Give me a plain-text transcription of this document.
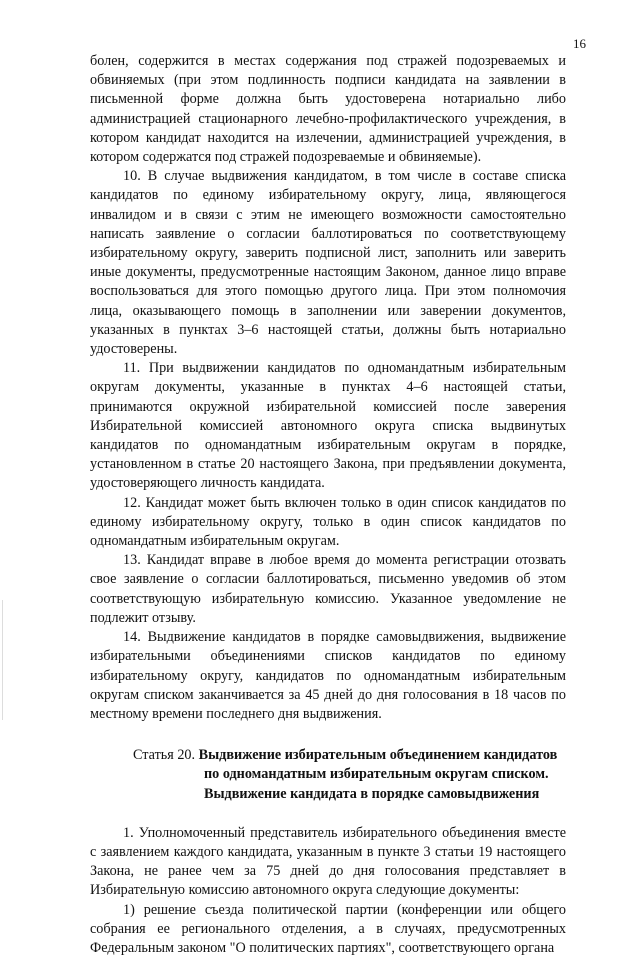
16

болен, содержится в местах содержания под стражей подозреваемых и обвиняемых (при этом подлинность подписи кандидата на заявлении в письменной форме должна быть удостоверена нотариально либо администрацией стационарного лечебно-профилактического учреждения, в котором кандидат находится на излечении, администрацией учреждения, в котором содержатся под стражей подозреваемые и обвиняемые).

10. В случае выдвижения кандидатом, в том числе в составе списка кандидатов по единому избирательному округу, лица, являющегося инвалидом и в связи с этим не имеющего возможности самостоятельно написать заявление о согласии баллотироваться по соответствующему избирательному округу, заверить подписной лист, заполнить или заверить иные документы, предусмотренные настоящим Законом, данное лицо вправе воспользоваться для этого помощью другого лица. При этом полномочия лица, оказывающего помощь в заполнении или заверении документов, указанных в пунктах 3–6 настоящей статьи, должны быть нотариально удостоверены.

11. При выдвижении кандидатов по одномандатным избирательным округам документы, указанные в пунктах 4–6 настоящей статьи, принимаются окружной избирательной комиссией после заверения Избирательной комиссией автономного округа списка выдвинутых кандидатов по одномандатным избирательным округам в порядке, установленном в статье 20 настоящего Закона, при предъявлении документа, удостоверяющего личность кандидата.

12. Кандидат может быть включен только в один список кандидатов по единому избирательному округу, только в один список кандидатов по одномандатным избирательным округам.

13. Кандидат вправе в любое время до момента регистрации отозвать свое заявление о согласии баллотироваться, письменно уведомив об этом соответствующую избирательную комиссию. Указанное уведомление не подлежит отзыву.

14. Выдвижение кандидатов в порядке самовыдвижения, выдвижение избирательными объединениями списков кандидатов по единому избирательному округу, кандидатов по одномандатным избирательным округам списком заканчивается за 45 дней до дня голосования в 18 часов по местному времени последнего дня выдвижения.

Статья 20. Выдвижение избирательным объединением кандидатов
по одномандатным избирательным округам списком.
Выдвижение кандидата в порядке самовыдвижения

1. Уполномоченный представитель избирательного объединения вместе с заявлением каждого кандидата, указанным в пункте 3 статьи 19 настоящего Закона, не ранее чем за 75 дней до дня голосования представляет в Избирательную комиссию автономного округа следующие документы:

1) решение съезда политической партии (конференции или общего собрания ее регионального отделения, а в случаях, предусмотренных Федеральным законом "О политических партиях", соответствующего органа
